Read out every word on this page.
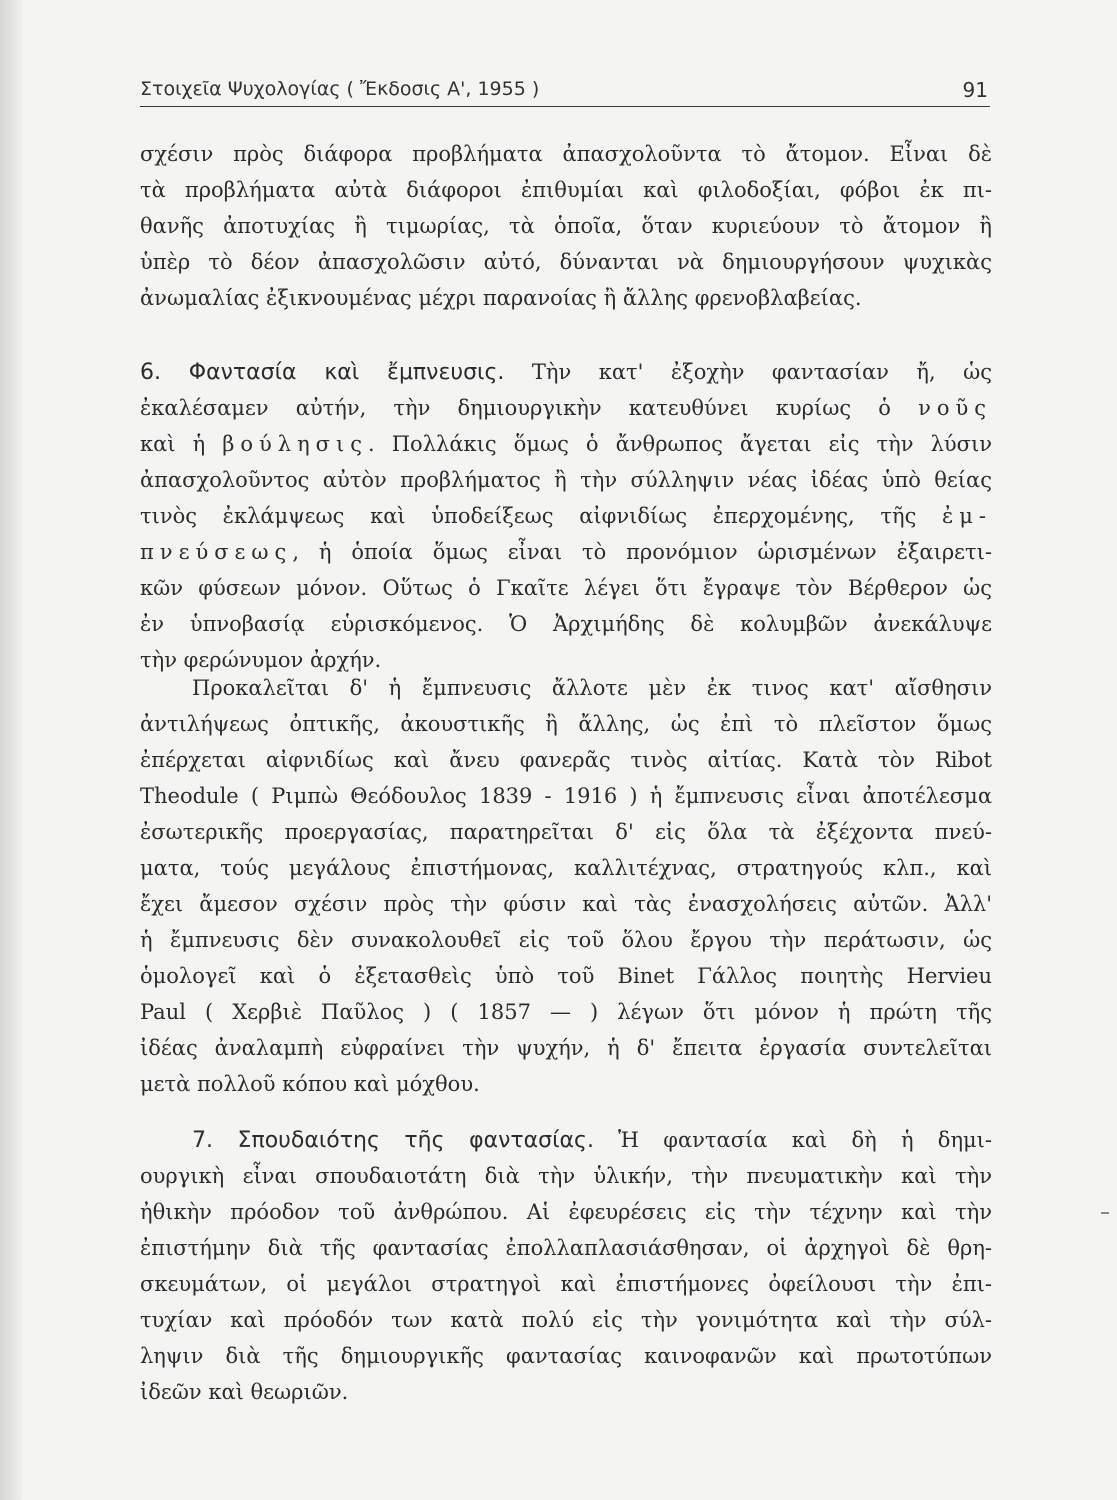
Στοιχεῖα Ψυχολογίας ( Ἔκδοσις Α', 1955 )	91
σχέσιν πρὸς διάφορα προβλήματα ἀπασχολοῦντα τὸ ἄτομον. Εἶναι δὲ
τὰ προβλήματα αὐτὰ διάφοροι ἐπιθυμίαι καὶ φιλοδοξίαι, φόβοι ἐκ πι-
θανῆς ἀποτυχίας ἢ τιμωρίας, τὰ ὁποῖα, ὅταν κυριεύουν τὸ ἄτομον ἢ
ὑπὲρ τὸ δέον ἀπασχολῶσιν αὐτό, δύνανται νὰ δημιουργήσουν ψυχικὰς
ἀνωμαλίας ἐξικνουμένας μέχρι παρανοίας ἢ ἄλλης φρενοβλαβείας.
6. Φαντασία καὶ ἔμπνευσις. Τὴν κατ' ἐξοχὴν φαντασίαν ἤ, ὡς
ἐκαλέσαμεν αὐτήν, τὴν δημιουργικὴν κατευθύνει κυρίως ὁ νοῦς
καὶ ἡ βούλησις. Πολλάκις ὅμως ὁ ἄνθρωπος ἄγεται εἰς τὴν λύσιν
ἀπασχολοῦντος αὐτὸν προβλήματος ἢ τὴν σύλληψιν νέας ἰδέας ὑπὸ θείας
τινὸς ἐκλάμψεως καὶ ὑποδείξεως αἰφνιδίως ἐπερχομένης, τῆς ἐμ-
πνεύσεως, ἡ ὁποία ὅμως εἶναι τὸ προνόμιον ὡρισμένων ἐξαιρετι-
κῶν φύσεων μόνον. Οὕτως ὁ Γκαῖτε λέγει ὅτι ἔγραψε τὸν Βέρθερον ὡς
ἐν ὑπνοβασίᾳ εὑρισκόμενος. Ὁ Ἀρχιμήδης δὲ κολυμβῶν ἀνεκάλυψε
τὴν φερώνυμον ἀρχήν.
Προκαλεῖται δ' ἡ ἔμπνευσις ἄλλοτε μὲν ἐκ τινος κατ' αἴσθησιν
ἀντιλήψεως ὀπτικῆς, ἀκουστικῆς ἢ ἄλλης, ὡς ἐπὶ τὸ πλεῖστον ὅμως
ἐπέρχεται αἰφνιδίως καὶ ἄνευ φανερᾶς τινὸς αἰτίας. Κατὰ τὸν Ribot
Theodule ( Ριμπὼ Θεόδουλος 1839 - 1916 ) ἡ ἔμπνευσις εἶναι ἀποτέλεσμα
ἐσωτερικῆς προεργασίας, παρατηρεῖται δ' εἰς ὅλα τὰ ἐξέχοντα πνεύ-
ματα, τούς μεγάλους ἐπιστήμονας, καλλιτέχνας, στρατηγούς κλπ., καὶ
ἔχει ἄμεσον σχέσιν πρὸς τὴν φύσιν καὶ τὰς ἐνασχολήσεις αὐτῶν. Ἀλλ'
ἡ ἔμπνευσις δὲν συνακολουθεῖ εἰς τοῦ ὅλου ἔργου τὴν περάτωσιν, ὡς
ὁμολογεῖ καὶ ὁ ἐξετασθεὶς ὑπὸ τοῦ Binet Γάλλος ποιητὴς Hervieu
Paul ( Χερβιὲ Παῦλος ) ( 1857 — ) λέγων ὅτι μόνον ἡ πρώτη τῆς
ἰδέας ἀναλαμπὴ εὐφραίνει τὴν ψυχήν, ἡ δ' ἔπειτα ἐργασία συντελεῖται
μετὰ πολλοῦ κόπου καὶ μόχθου.
7. Σπουδαιότης τῆς φαντασίας. Ἡ φαντασία καὶ δὴ ἡ δημι-
ουργικὴ εἶναι σπουδαιοτάτη διὰ τὴν ὑλικήν, τὴν πνευματικὴν καὶ τὴν
ἠθικὴν πρόοδον τοῦ ἀνθρώπου. Αἱ ἐφευρέσεις εἰς τὴν τέχνην καὶ τὴν
ἐπιστήμην διὰ τῆς φαντασίας ἐπολλαπλασιάσθησαν, οἱ ἀρχηγοὶ δὲ θρη-
σκευμάτων, οἱ μεγάλοι στρατηγοὶ καὶ ἐπιστήμονες ὀφείλουσι τὴν ἐπι-
τυχίαν καὶ πρόοδόν των κατὰ πολύ εἰς τὴν γονιμότητα καὶ τὴν σύλ-
ληψιν διὰ τῆς δημιουργικῆς φαντασίας καινοφανῶν καὶ πρωτοτύπων
ἰδεῶν καὶ θεωριῶν.
